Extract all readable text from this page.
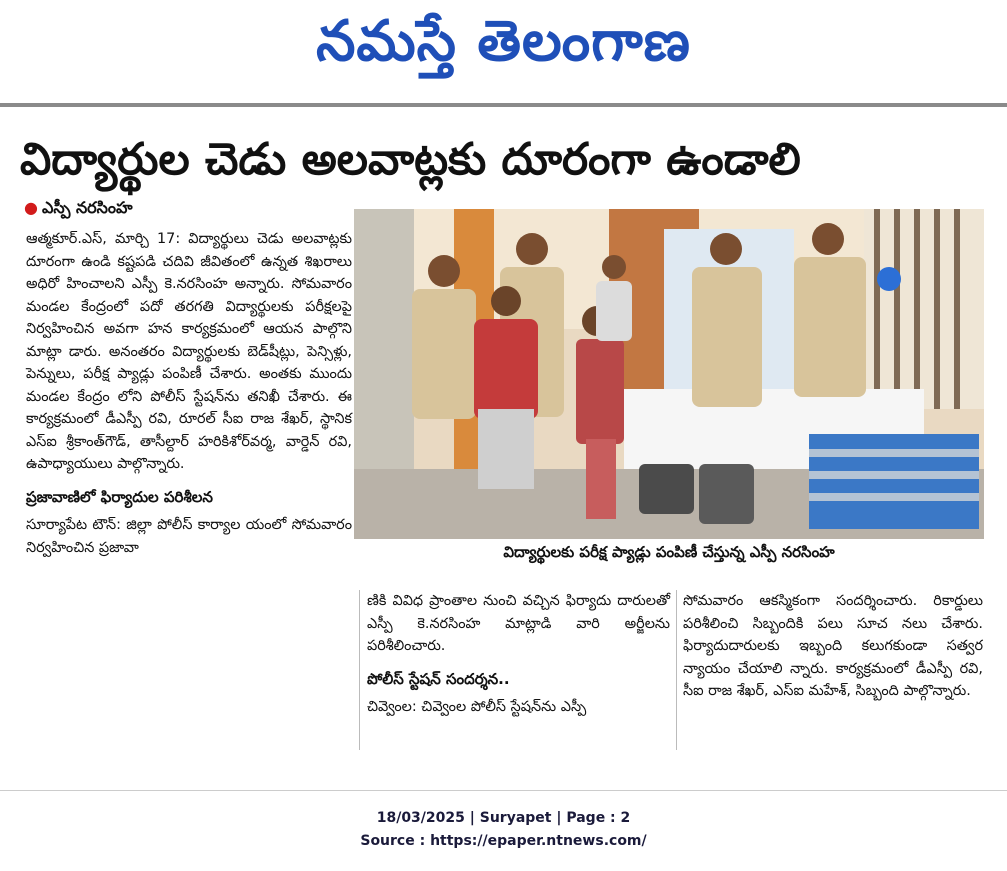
నమస్తే తెలంగాణ
విద్యార్థుల చెడు అలవాట్లకు దూరంగా ఉండాలి
● ఎస్పీ నరసింహ
ఆత్మకూర్.ఎస్, మార్చి 17: విద్యార్థులు చెడు అలవాట్లకు దూరంగా ఉండి కష్టపడి చదివి జీవితంలో ఉన్నత శిఖరాలు అధిరో హించాలని ఎస్పీ కె.నరసింహ అన్నారు. సోమవారం మండల కేంద్రంలో పదో తరగతి విద్యార్థులకు పరీక్షలపై నిర్వహించిన అవగా హన కార్యక్రమంలో ఆయన పాల్గొని మాట్లా డారు. అనంతరం విద్యార్థులకు బెడ్‌షీట్లు, పెన్సిళ్లు, పెన్నులు, పరీక్ష ప్యాడ్లు పంపిణీ చేశారు. అంతకు ముందు మండల కేంద్రం లోని పోలీస్ స్టేషన్‌ను తనిఖీ చేశారు. ఈ కార్యక్రమంలో డీఎస్పీ రవి, రూరల్ సీఐ రాజ శేఖర్, స్థానిక ఎస్ఐ శ్రీకాంత్‌గౌడ్, తాసీల్దార్ హరికిశోర్‌వర్మ, వార్డెన్ రవి, ఉపాధ్యాయులు పాల్గొన్నారు.
ప్రజావాణిలో ఫిర్యాదుల పరిశీలన
సూర్యాపేట టౌన్: జిల్లా పోలీస్ కార్యాల యంలో సోమవారం నిర్వహించిన ప్రజావా	విద్యార్థులకు పరీక్ష ప్యాడ్లు పంపిణీ చేస్తున్న ఎస్పీ నరసింహ
ణికి వివిధ ప్రాంతాల నుంచి వచ్చిన ఫిర్యాదు దారులతో ఎస్పీ కె.నరసింహ మాట్లాడి వారి అర్జీలను పరిశీలించారు.
పోలీస్ స్టేషన్ సందర్శన..
చివ్వెంల: చివ్వెంల పోలీస్ స్టేషన్‌ను ఎస్పీ
సోమవారం ఆకస్మికంగా సందర్శించారు. రికార్డులు పరిశీలించి సిబ్బందికి పలు సూచ నలు చేశారు. ఫిర్యాదుదారులకు ఇబ్బంది కలుగకుండా సత్వర న్యాయం చేయాలి న్నారు. కార్యక్రమంలో డీఎస్పీ రవి, సీఐ రాజ శేఖర్, ఎస్ఐ మహేశ్, సిబ్బంది పాల్గొన్నారు.
18/03/2025 | Suryapet | Page : 2
Source : https://epaper.ntnews.com/
